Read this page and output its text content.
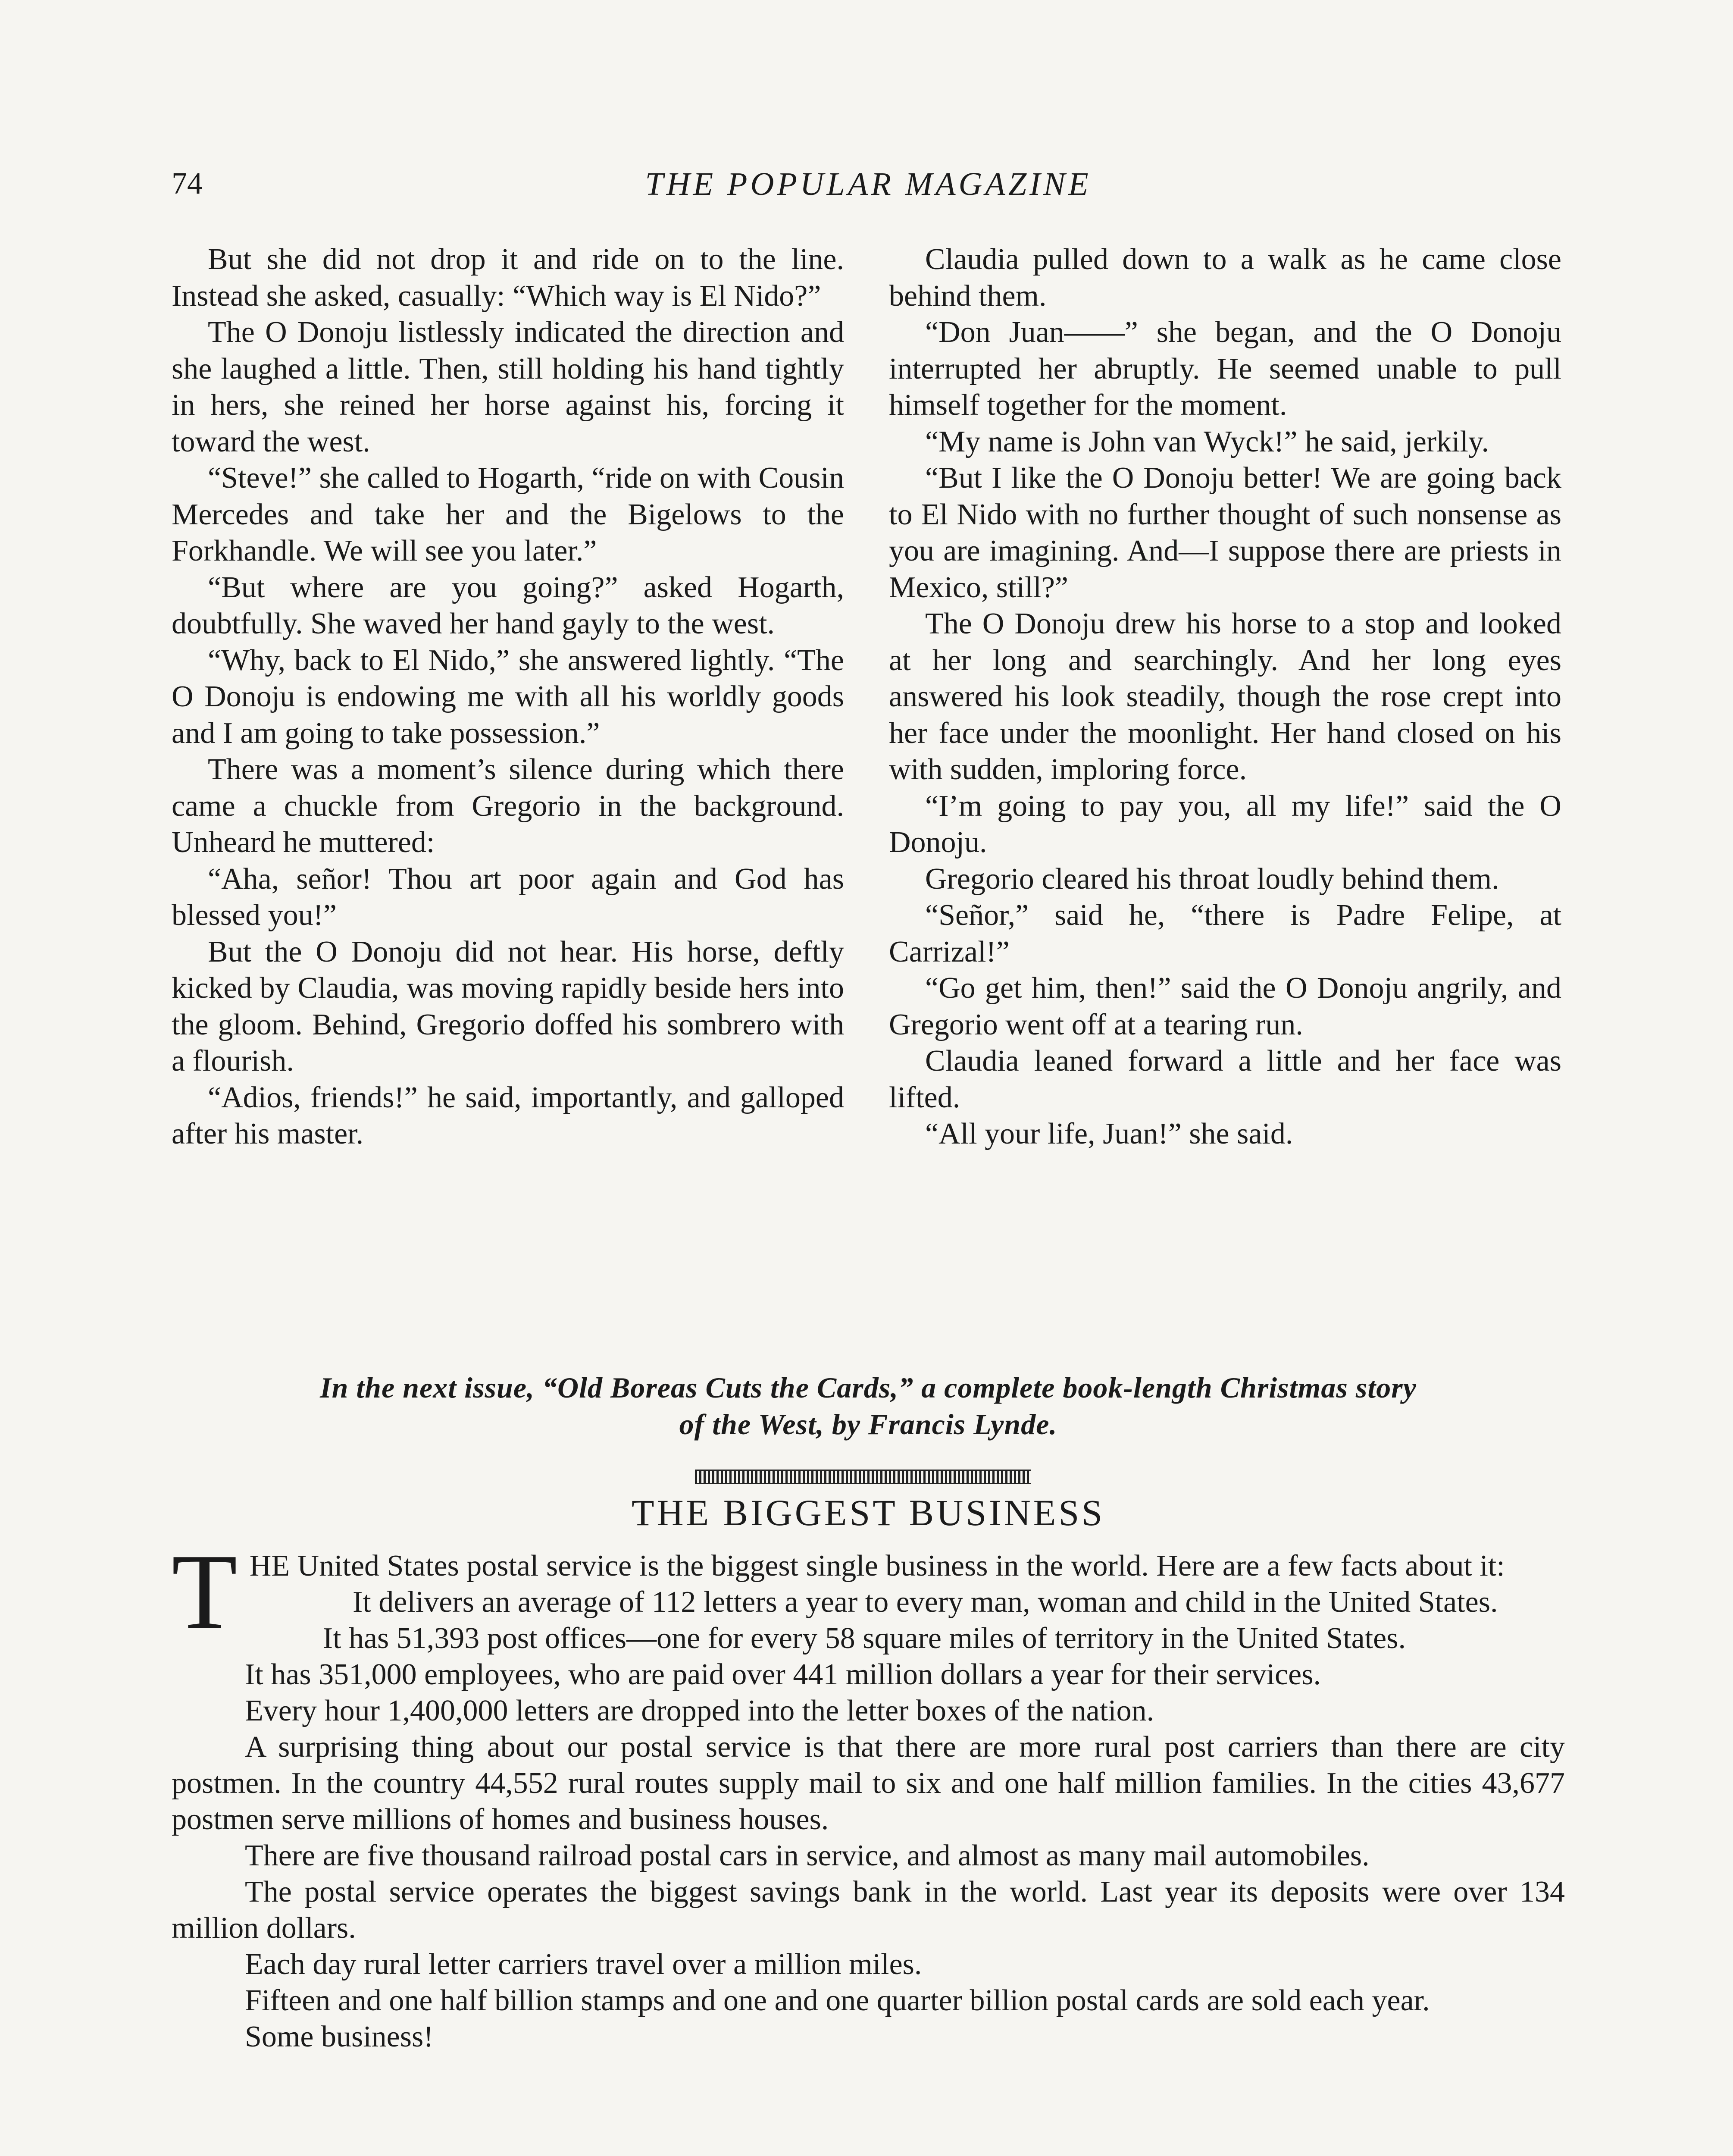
74	THE POPULAR MAGAZINE

But she did not drop it and ride on to the line. Instead she asked, casually: “Which way is El Nido?”

The O Donoju listlessly indicated the direction and she laughed a little. Then, still holding his hand tightly in hers, she reined her horse against his, forcing it toward the west.

“Steve!” she called to Hogarth, “ride on with Cousin Mercedes and take her and the Bigelows to the Forkhandle. We will see you later.”

“But where are you going?” asked Hogarth, doubtfully. She waved her hand gayly to the west.

“Why, back to El Nido,” she answered lightly. “The O Donoju is endowing me with all his worldly goods and I am going to take possession.”

There was a moment’s silence during which there came a chuckle from Gregorio in the background. Unheard he muttered:

“Aha, señor! Thou art poor again and God has blessed you!”

But the O Donoju did not hear. His horse, deftly kicked by Claudia, was moving rapidly beside hers into the gloom. Behind, Gregorio doffed his sombrero with a flourish.

“Adios, friends!” he said, importantly, and galloped after his master.

Claudia pulled down to a walk as he came close behind them.

“Don Juan——” she began, and the O Donoju interrupted her abruptly. He seemed unable to pull himself together for the moment.

“My name is John van Wyck!” he said, jerkily.

“But I like the O Donoju better! We are going back to El Nido with no further thought of such nonsense as you are imagining. And—I suppose there are priests in Mexico, still?”

The O Donoju drew his horse to a stop and looked at her long and searchingly. And her long eyes answered his look steadily, though the rose crept into her face under the moonlight. Her hand closed on his with sudden, imploring force.

“I’m going to pay you, all my life!” said the O Donoju.

Gregorio cleared his throat loudly behind them.

“Señor,” said he, “there is Padre Felipe, at Carrizal!”

“Go get him, then!” said the O Donoju angrily, and Gregorio went off at a tearing run.

Claudia leaned forward a little and her face was lifted.

“All your life, Juan!” she said.

In the next issue, “Old Boreas Cuts the Cards,” a complete book-length Christmas story
of the West, by Francis Lynde.
THE BIGGEST BUSINESS

THE United States postal service is the biggest single business in the world. Here are a few facts about it:

It delivers an average of 112 letters a year to every man, woman and child in the United States.

It has 51,393 post offices—one for every 58 square miles of territory in the United States.

It has 351,000 employees, who are paid over 441 million dollars a year for their services.

Every hour 1,400,000 letters are dropped into the letter boxes of the nation.

A surprising thing about our postal service is that there are more rural post carriers than there are city postmen. In the country 44,552 rural routes supply mail to six and one half million families. In the cities 43,677 postmen serve millions of homes and business houses.

There are five thousand railroad postal cars in service, and almost as many mail automobiles.

The postal service operates the biggest savings bank in the world. Last year its deposits were over 134 million dollars.

Each day rural letter carriers travel over a million miles.

Fifteen and one half billion stamps and one and one quarter billion postal cards are sold each year.

Some business!
